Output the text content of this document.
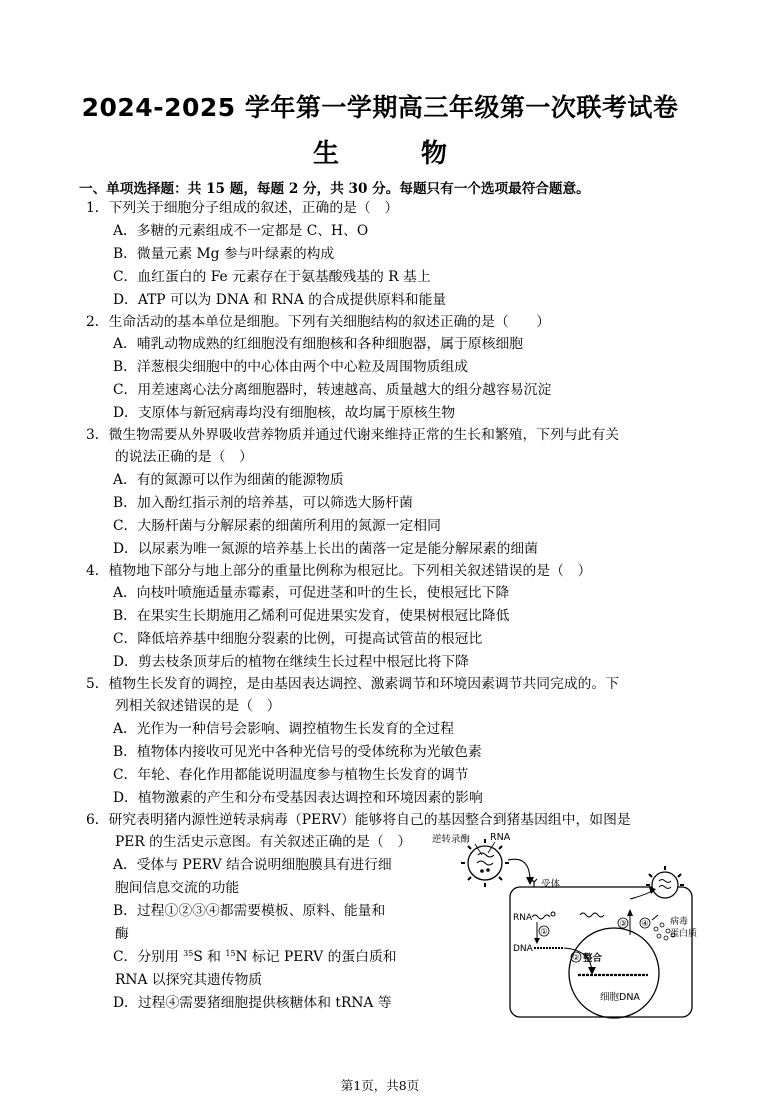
2024-2025 学年第一学期高三年级第一次联考试卷
生　物
一、单项选择题：共 15 题，每题 2 分，共 30 分。每题只有一个选项最符合题意。
1．下列关于细胞分子组成的叙述，正确的是（　）
A．多糖的元素组成不一定都是 C、H、O
B．微量元素 Mg 参与叶绿素的构成
C．血红蛋白的 Fe 元素存在于氨基酸残基的 R 基上
D．ATP 可以为 DNA 和 RNA 的合成提供原料和能量
2．生命活动的基本单位是细胞。下列有关细胞结构的叙述正确的是（　　）
A．哺乳动物成熟的红细胞没有细胞核和各种细胞器，属于原核细胞
B．洋葱根尖细胞中的中心体由两个中心粒及周围物质组成
C．用差速离心法分离细胞器时，转速越高、质量越大的组分越容易沉淀
D．支原体与新冠病毒均没有细胞核，故均属于原核生物
3．微生物需要从外界吸收营养物质并通过代谢来维持正常的生长和繁殖，下列与此有关
的说法正确的是（　）
A．有的氮源可以作为细菌的能源物质
B．加入酚红指示剂的培养基，可以筛选大肠杆菌
C．大肠杆菌与分解尿素的细菌所利用的氮源一定相同
D．以尿素为唯一氮源的培养基上长出的菌落一定是能分解尿素的细菌
4．植物地下部分与地上部分的重量比例称为根冠比。下列相关叙述错误的是（　）
A．向枝叶喷施适量赤霉素，可促进茎和叶的生长，使根冠比下降
B．在果实生长期施用乙烯利可促进果实发育，使果树根冠比降低
C．降低培养基中细胞分裂素的比例，可提高试管苗的根冠比
D．剪去枝条顶芽后的植物在继续生长过程中根冠比将下降
5．植物生长发育的调控，是由基因表达调控、激素调节和环境因素调节共同完成的。下
列相关叙述错误的是（　）
A．光作为一种信号会影响、调控植物生长发育的全过程
B．植物体内接收可见光中各种光信号的受体统称为光敏色素
C．年轮、春化作用都能说明温度参与植物生长发育的调节
D．植物激素的产生和分布受基因表达调控和环境因素的影响
6．研究表明猪内源性逆转录病毒（PERV）能够将自己的基因整合到猪基因组中，如图是
PER 的生活史示意图。有关叙述正确的是（　）
A．受体与 PERV 结合说明细胞膜具有进行细
胞间信息交流的功能
B．过程①②③④都需要模板、原料、能量和
酶
C．分别用 $^{35}$S 和 $^{15}$N 标记 PERV 的蛋白质和
RNA 以探究其遗传物质
D．过程④需要猪细胞提供核糖体和 tRNA 等
逆转录酶 RNA
受体
RNA
①
DNA
② 整合
细胞DNA
③ ④ 病毒
蛋白质
第1页，共8页
